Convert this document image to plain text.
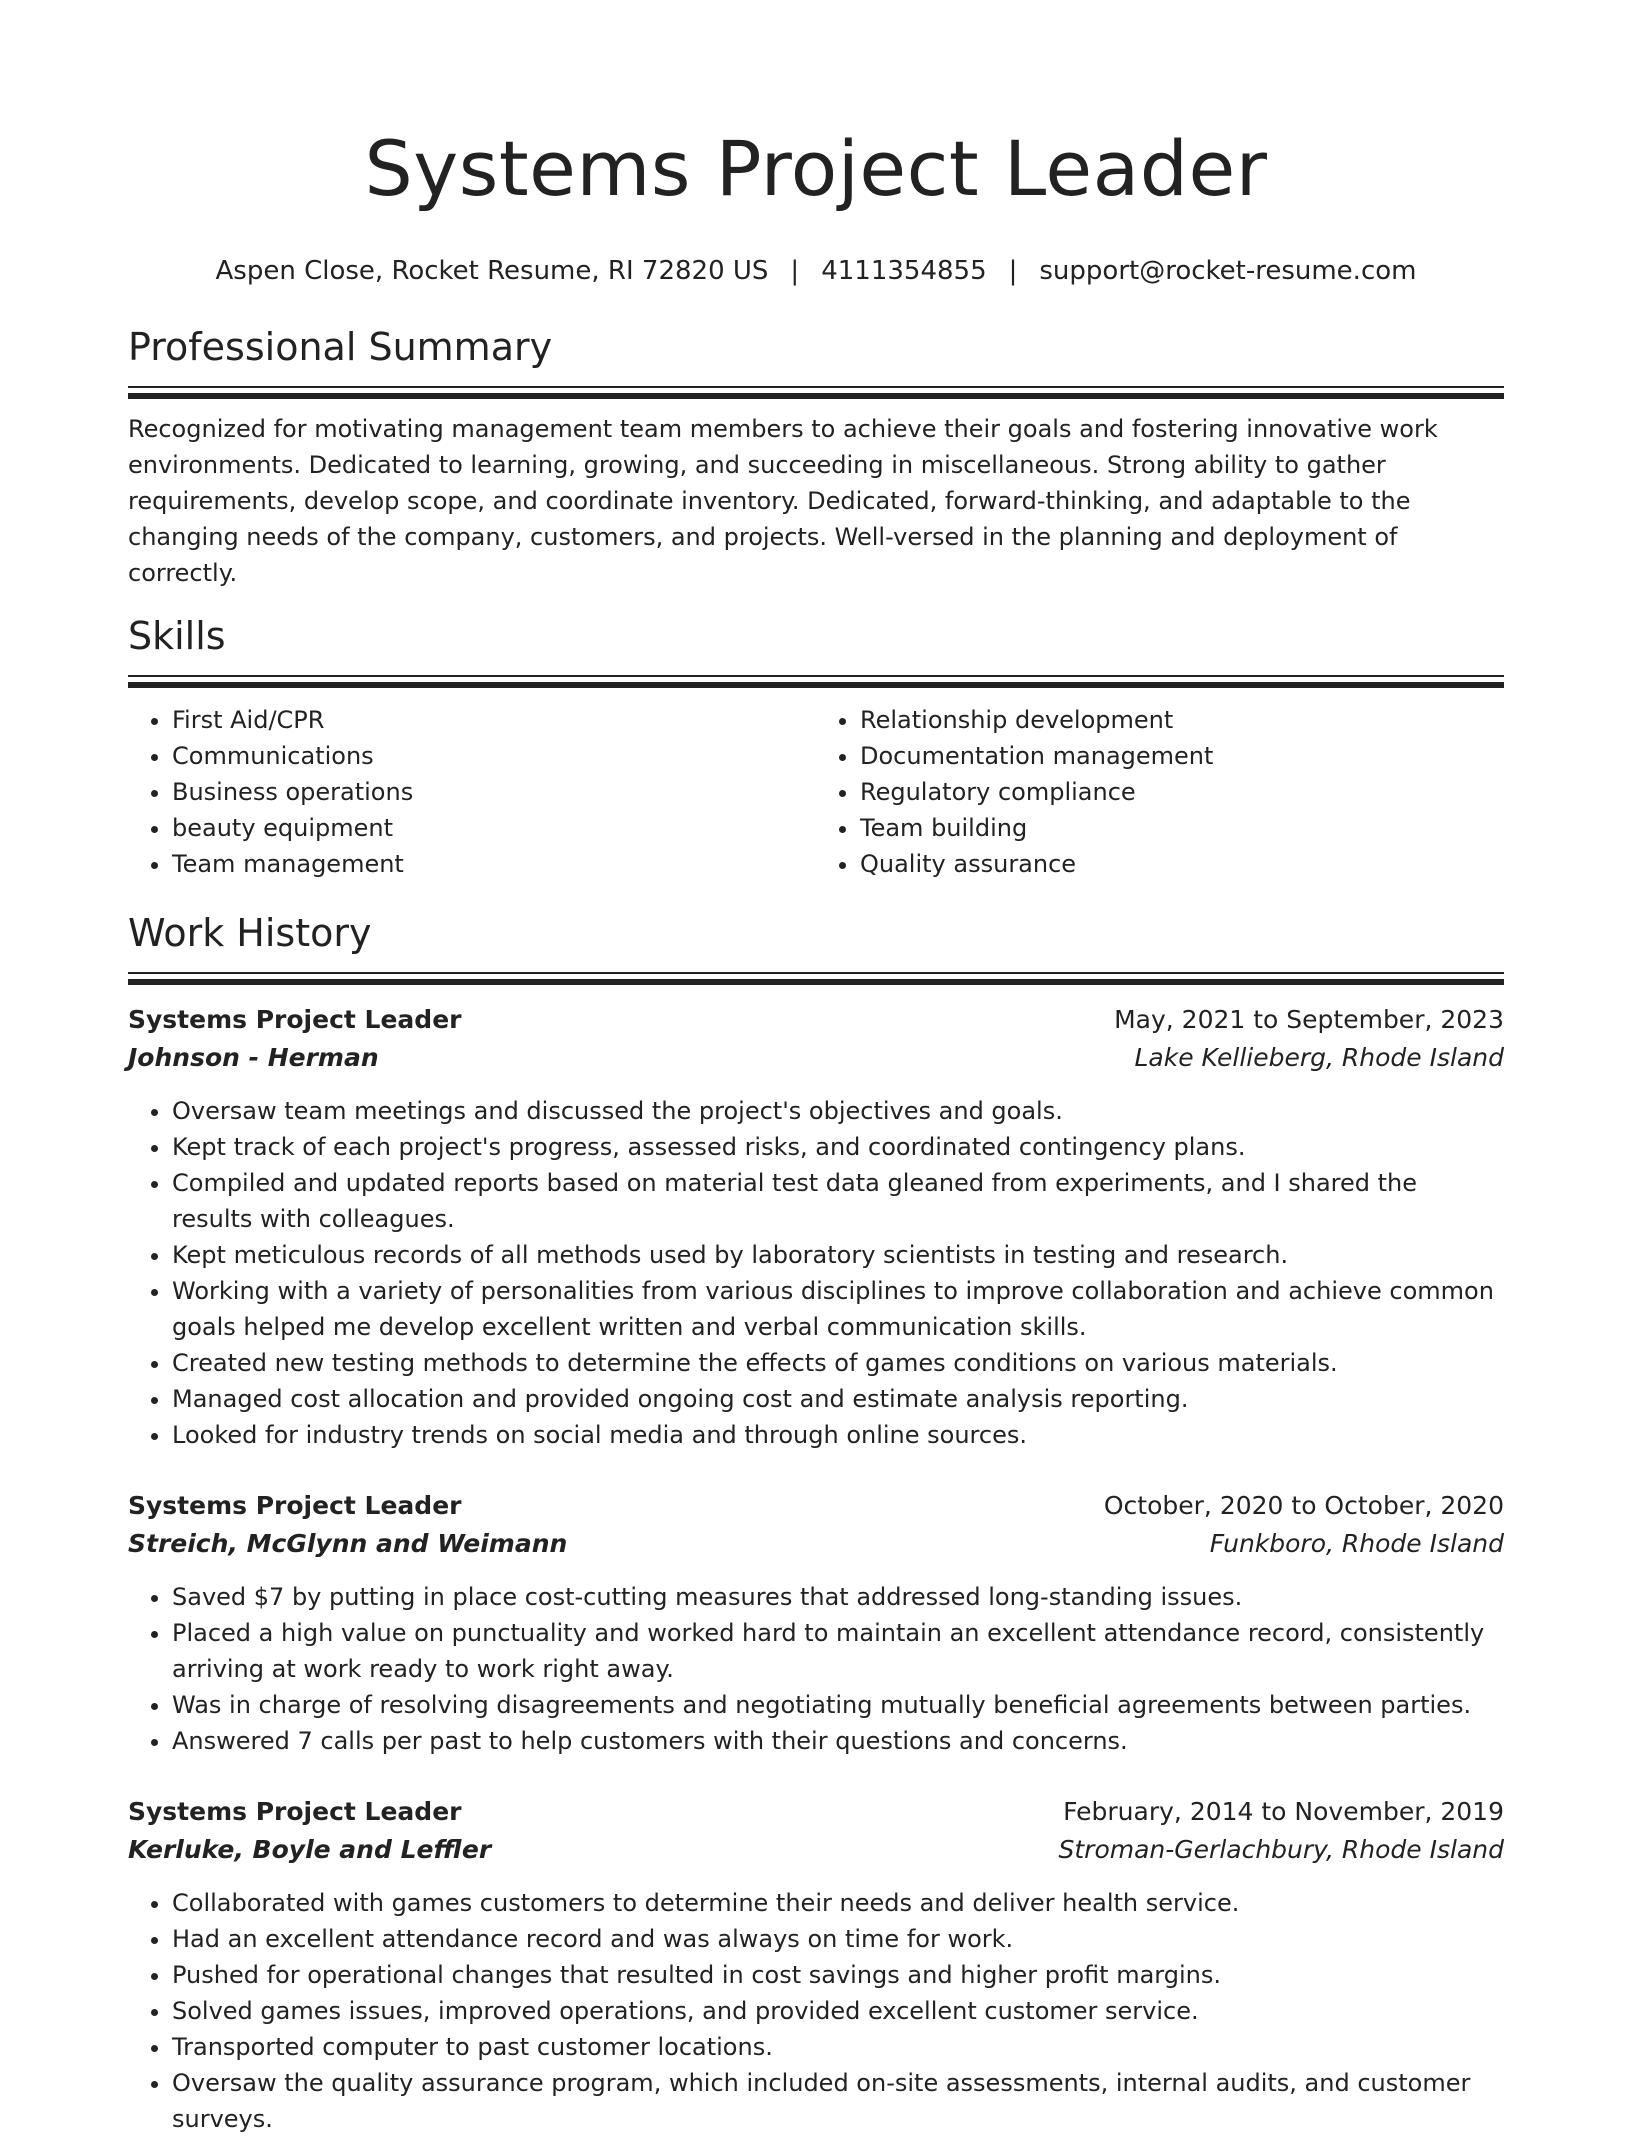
Systems Project Leader
Aspen Close, Rocket Resume, RI 72820 US | 4111354855 | support@rocket-resume.com
Professional Summary

Recognized for motivating management team members to achieve their goals and fostering innovative work environments. Dedicated to learning, growing, and succeeding in miscellaneous. Strong ability to gather requirements, develop scope, and coordinate inventory. Dedicated, forward-thinking, and adaptable to the changing needs of the company, customers, and projects. Well-versed in the planning and deployment of correctly.

Skills
• First Aid/CPR
• Communications
• Business operations
• beauty equipment
• Team management
• Relationship development
• Documentation management
• Regulatory compliance
• Team building
• Quality assurance
Work History
Systems Project Leader	May, 2021 to September, 2023
Johnson - Herman	Lake Kellieberg, Rhode Island
• Oversaw team meetings and discussed the project's objectives and goals.
• Kept track of each project's progress, assessed risks, and coordinated contingency plans.
• Compiled and updated reports based on material test data gleaned from experiments, and I shared the results with colleagues.
• Kept meticulous records of all methods used by laboratory scientists in testing and research.
• Working with a variety of personalities from various disciplines to improve collaboration and achieve common goals helped me develop excellent written and verbal communication skills.
• Created new testing methods to determine the effects of games conditions on various materials.
• Managed cost allocation and provided ongoing cost and estimate analysis reporting.
• Looked for industry trends on social media and through online sources.
Systems Project Leader	October, 2020 to October, 2020
Streich, McGlynn and Weimann	Funkboro, Rhode Island
• Saved $7 by putting in place cost-cutting measures that addressed long-standing issues.
• Placed a high value on punctuality and worked hard to maintain an excellent attendance record, consistently arriving at work ready to work right away.
• Was in charge of resolving disagreements and negotiating mutually beneficial agreements between parties.
• Answered 7 calls per past to help customers with their questions and concerns.
Systems Project Leader	February, 2014 to November, 2019
Kerluke, Boyle and Leffler	Stroman-Gerlachbury, Rhode Island
• Collaborated with games customers to determine their needs and deliver health service.
• Had an excellent attendance record and was always on time for work.
• Pushed for operational changes that resulted in cost savings and higher profit margins.
• Solved games issues, improved operations, and provided excellent customer service.
• Transported computer to past customer locations.
• Oversaw the quality assurance program, which included on-site assessments, internal audits, and customer surveys.
